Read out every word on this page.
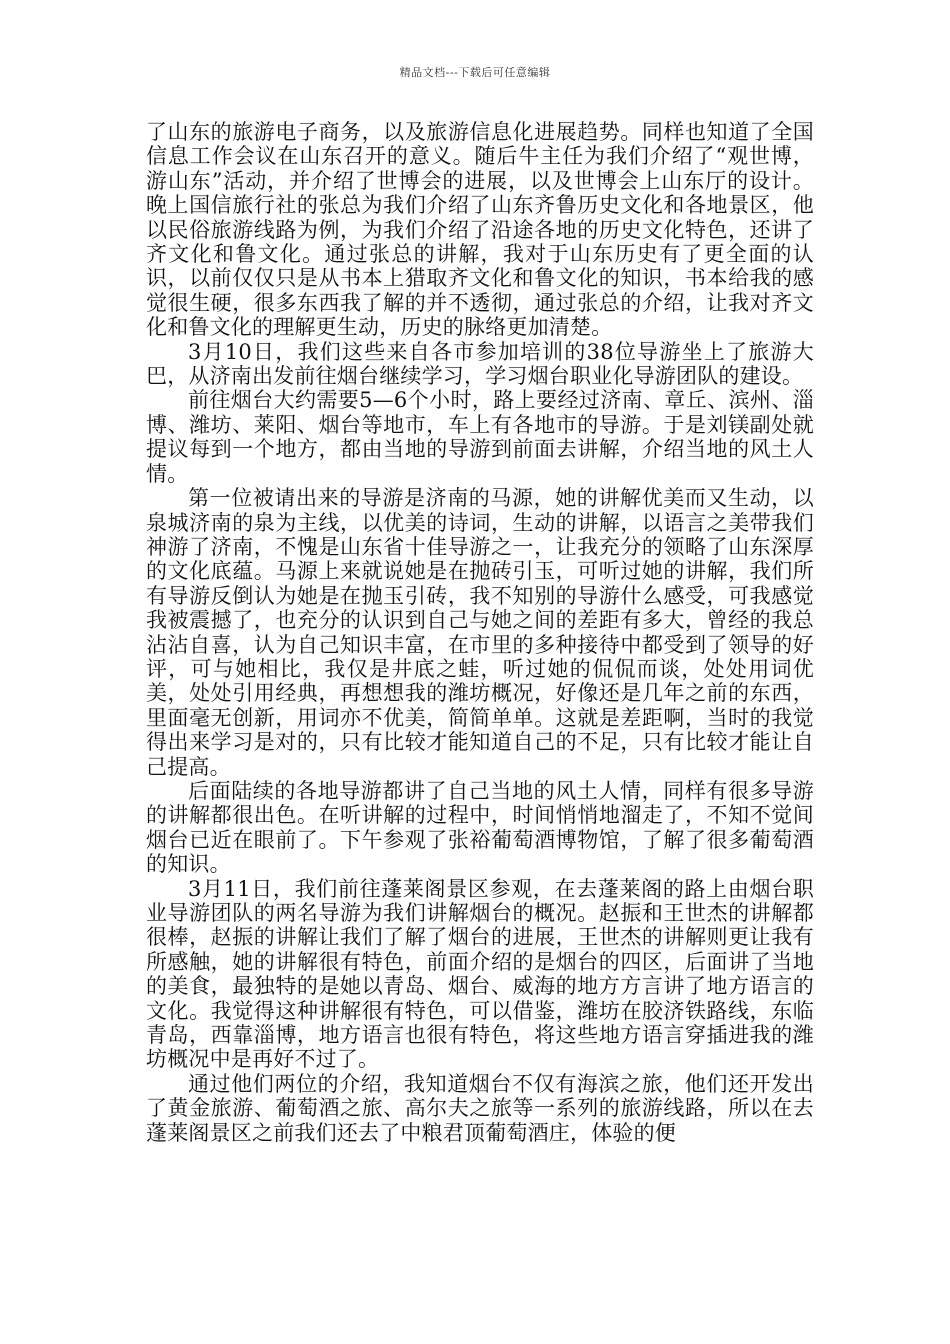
精品文档---下载后可任意编辑

了山东的旅游电子商务，以及旅游信息化进展趋势。同样也知道了全国信息工作会议在山东召开的意义。随后牛主任为我们介绍了“观世博，游山东”活动，并介绍了世博会的进展，以及世博会上山东厅的设计。晚上国信旅行社的张总为我们介绍了山东齐鲁历史文化和各地景区，他以民俗旅游线路为例，为我们介绍了沿途各地的历史文化特色，还讲了齐文化和鲁文化。通过张总的讲解，我对于山东历史有了更全面的认识，以前仅仅只是从书本上猎取齐文化和鲁文化的知识，书本给我的感觉很生硬，很多东西我了解的并不透彻，通过张总的介绍，让我对齐文化和鲁文化的理解更生动，历史的脉络更加清楚。

3月10日，我们这些来自各市参加培训的38位导游坐上了旅游大巴，从济南出发前往烟台继续学习，学习烟台职业化导游团队的建设。

前往烟台大约需要5—6个小时，路上要经过济南、章丘、滨州、淄博、潍坊、莱阳、烟台等地市，车上有各地市的导游。于是刘镁副处就提议每到一个地方，都由当地的导游到前面去讲解，介绍当地的风土人情。

第一位被请出来的导游是济南的马源，她的讲解优美而又生动，以泉城济南的泉为主线，以优美的诗词，生动的讲解，以语言之美带我们神游了济南，不愧是山东省十佳导游之一，让我充分的领略了山东深厚的文化底蕴。马源上来就说她是在抛砖引玉，可听过她的讲解，我们所有导游反倒认为她是在抛玉引砖，我不知别的导游什么感受，可我感觉我被震撼了，也充分的认识到自己与她之间的差距有多大，曾经的我总沾沾自喜，认为自己知识丰富，在市里的多种接待中都受到了领导的好评，可与她相比，我仅是井底之蛙，听过她的侃侃而谈，处处用词优美，处处引用经典，再想想我的潍坊概况，好像还是几年之前的东西，里面毫无创新，用词亦不优美，简简单单。这就是差距啊，当时的我觉得出来学习是对的，只有比较才能知道自己的不足，只有比较才能让自己提高。

后面陆续的各地导游都讲了自己当地的风土人情，同样有很多导游的讲解都很出色。在听讲解的过程中，时间悄悄地溜走了，不知不觉间烟台已近在眼前了。下午参观了张裕葡萄酒博物馆，了解了很多葡萄酒的知识。

3月11日，我们前往蓬莱阁景区参观，在去蓬莱阁的路上由烟台职业导游团队的两名导游为我们讲解烟台的概况。赵振和王世杰的讲解都很棒，赵振的讲解让我们了解了烟台的进展，王世杰的讲解则更让我有所感触，她的讲解很有特色，前面介绍的是烟台的四区，后面讲了当地的美食，最独特的是她以青岛、烟台、威海的地方方言讲了地方语言的文化。我觉得这种讲解很有特色，可以借鉴，潍坊在胶济铁路线，东临青岛，西靠淄博，地方语言也很有特色，将这些地方语言穿插进我的潍坊概况中是再好不过了。

通过他们两位的介绍，我知道烟台不仅有海滨之旅，他们还开发出了黄金旅游、葡萄酒之旅、高尔夫之旅等一系列的旅游线路，所以在去蓬莱阁景区之前我们还去了中粮君顶葡萄酒庄，体验的便
